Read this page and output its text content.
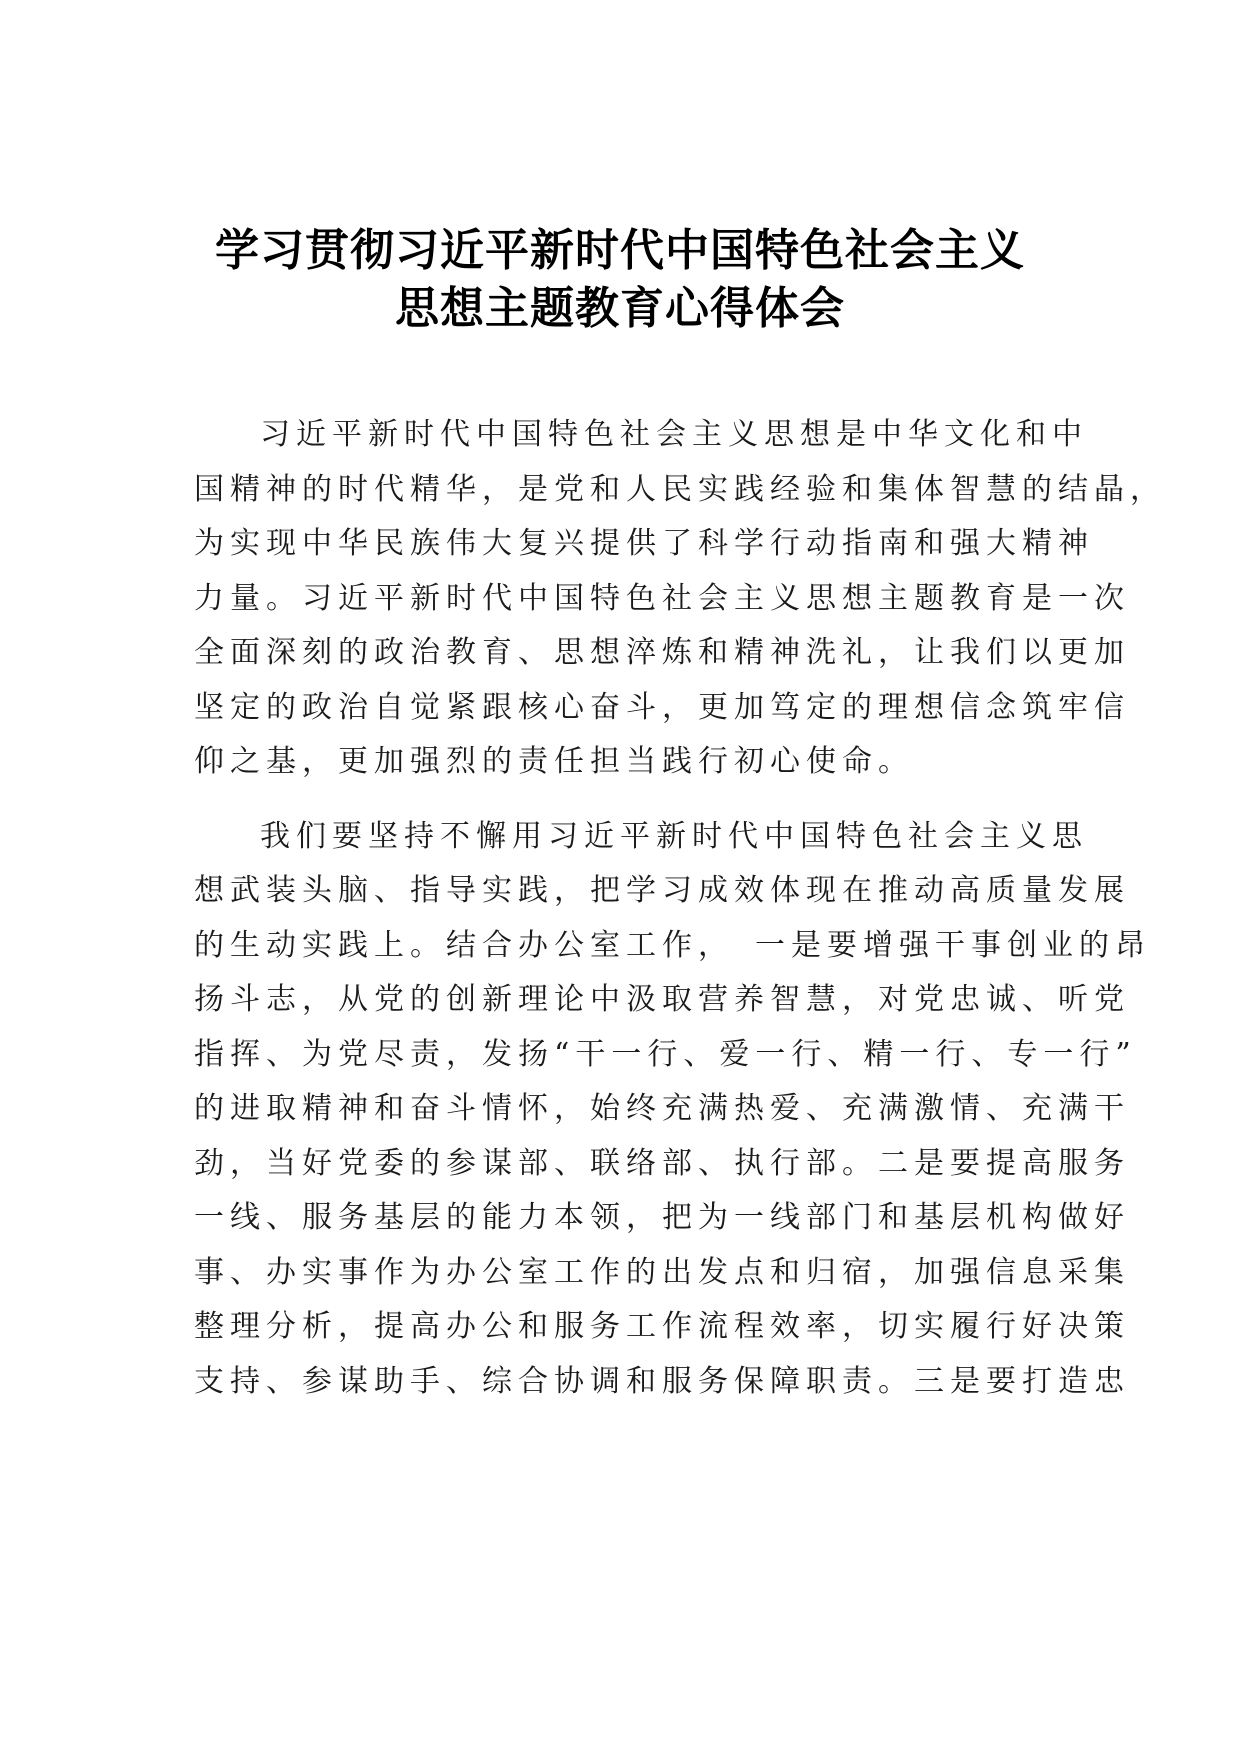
学习贯彻习近平新时代中国特色社会主义
思想主题教育心得体会
习近平新时代中国特色社会主义思想是中华文化和中
国精神的时代精华，是党和人民实践经验和集体智慧的结晶，
为实现中华民族伟大复兴提供了科学行动指南和强大精神
力量。习近平新时代中国特色社会主义思想主题教育是一次
全面深刻的政治教育、思想淬炼和精神洗礼，让我们以更加
坚定的政治自觉紧跟核心奋斗，更加笃定的理想信念筑牢信
仰之基，更加强烈的责任担当践行初心使命。
我们要坚持不懈用习近平新时代中国特色社会主义思
想武装头脑、指导实践，把学习成效体现在推动高质量发展
的生动实践上。结合办公室工作，　一是要增强干事创业的昂
扬斗志，从党的创新理论中汲取营养智慧，对党忠诚、听党
指挥、为党尽责，发扬“干一行、爱一行、精一行、专一行”
的进取精神和奋斗情怀，始终充满热爱、充满激情、充满干
劲，当好党委的参谋部、联络部、执行部。二是要提高服务
一线、服务基层的能力本领，把为一线部门和基层机构做好
事、办实事作为办公室工作的出发点和归宿，加强信息采集
整理分析，提高办公和服务工作流程效率，切实履行好决策
支持、参谋助手、综合协调和服务保障职责。三是要打造忠
